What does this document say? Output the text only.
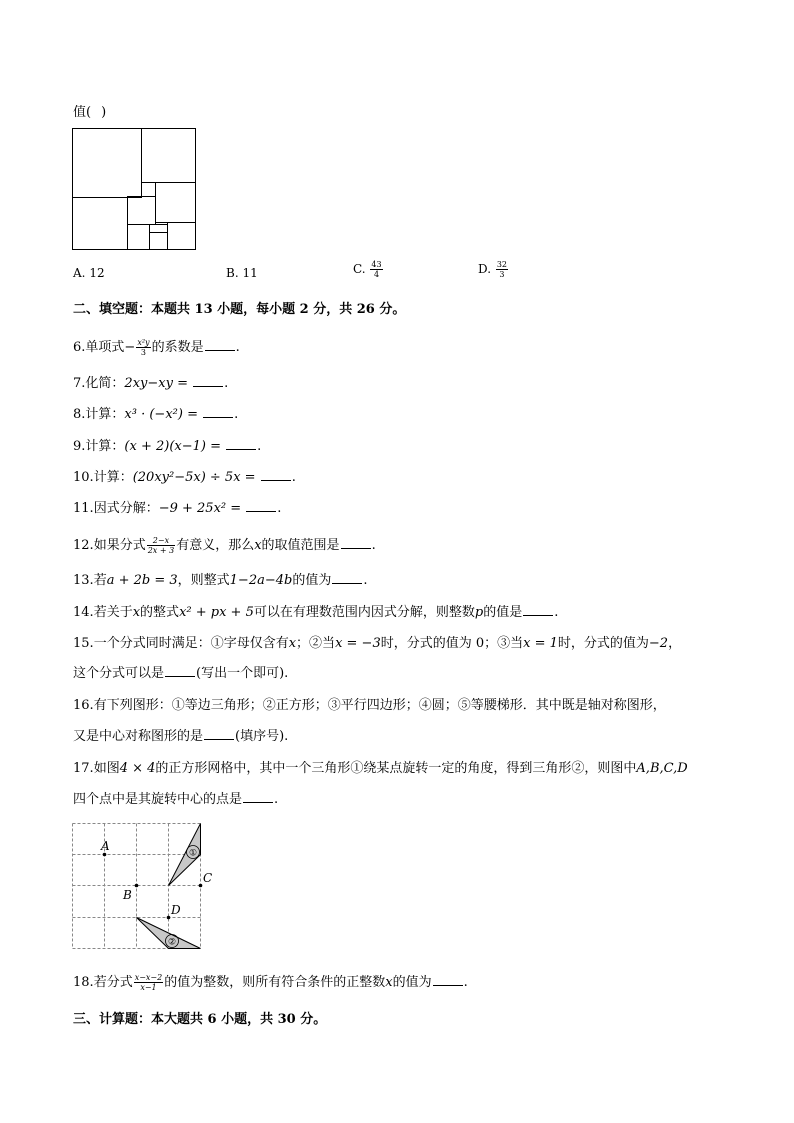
值( )
A. 12	B. 11	C. $\frac{43}{4}$	D. $\frac{32}{3}$
二、填空题：本题共 13 小题，每小题 2 分，共 26 分。
6.单项式− $\frac{\text{x²y}}{3}$ 的系数是 .
7.化简：2xy−xy =	.
8.计算：x³ · (−x²) =	.
9.计算：(x + 2)(x−1) =	.
10.计算：(20xy²−5x) ÷ 5x =	.
11.因式分解：−9 + 25x² =	.
12.如果分式 $\frac{2-x}{2x + 3}$ 有意义，那么x的取值范围是 .
13.若a + 2b = 3，则整式1−2a−4b的值为 .
14.若关于x的整式x² + px + 5可以在有理数范围内因式分解，则整数p的值是 .
15.一个分式同时满足：①字母仅含有x；②当x = −3时，分式的值为 0；③当x = 1时，分式的值为−2，
这个分式可以是 (写出一个即可).
16.有下列图形：①等边三角形；②正方形；③平行四边形；④圆；⑤等腰梯形．其中既是轴对称图形，
又是中心对称图形的是 (填序号).
17.如图4 × 4的正方形网格中，其中一个三角形①绕某点旋转一定的角度，得到三角形②，则图中A,B,C,D
四个点中是其旋转中心的点是 .
①
②
A
B
C
D
18.若分式 $\frac{x-x-2}{x-1}$ 的值为整数，则所有符合条件的正整数x的值为 .
三、计算题：本大题共 6 小题，共 30 分。
